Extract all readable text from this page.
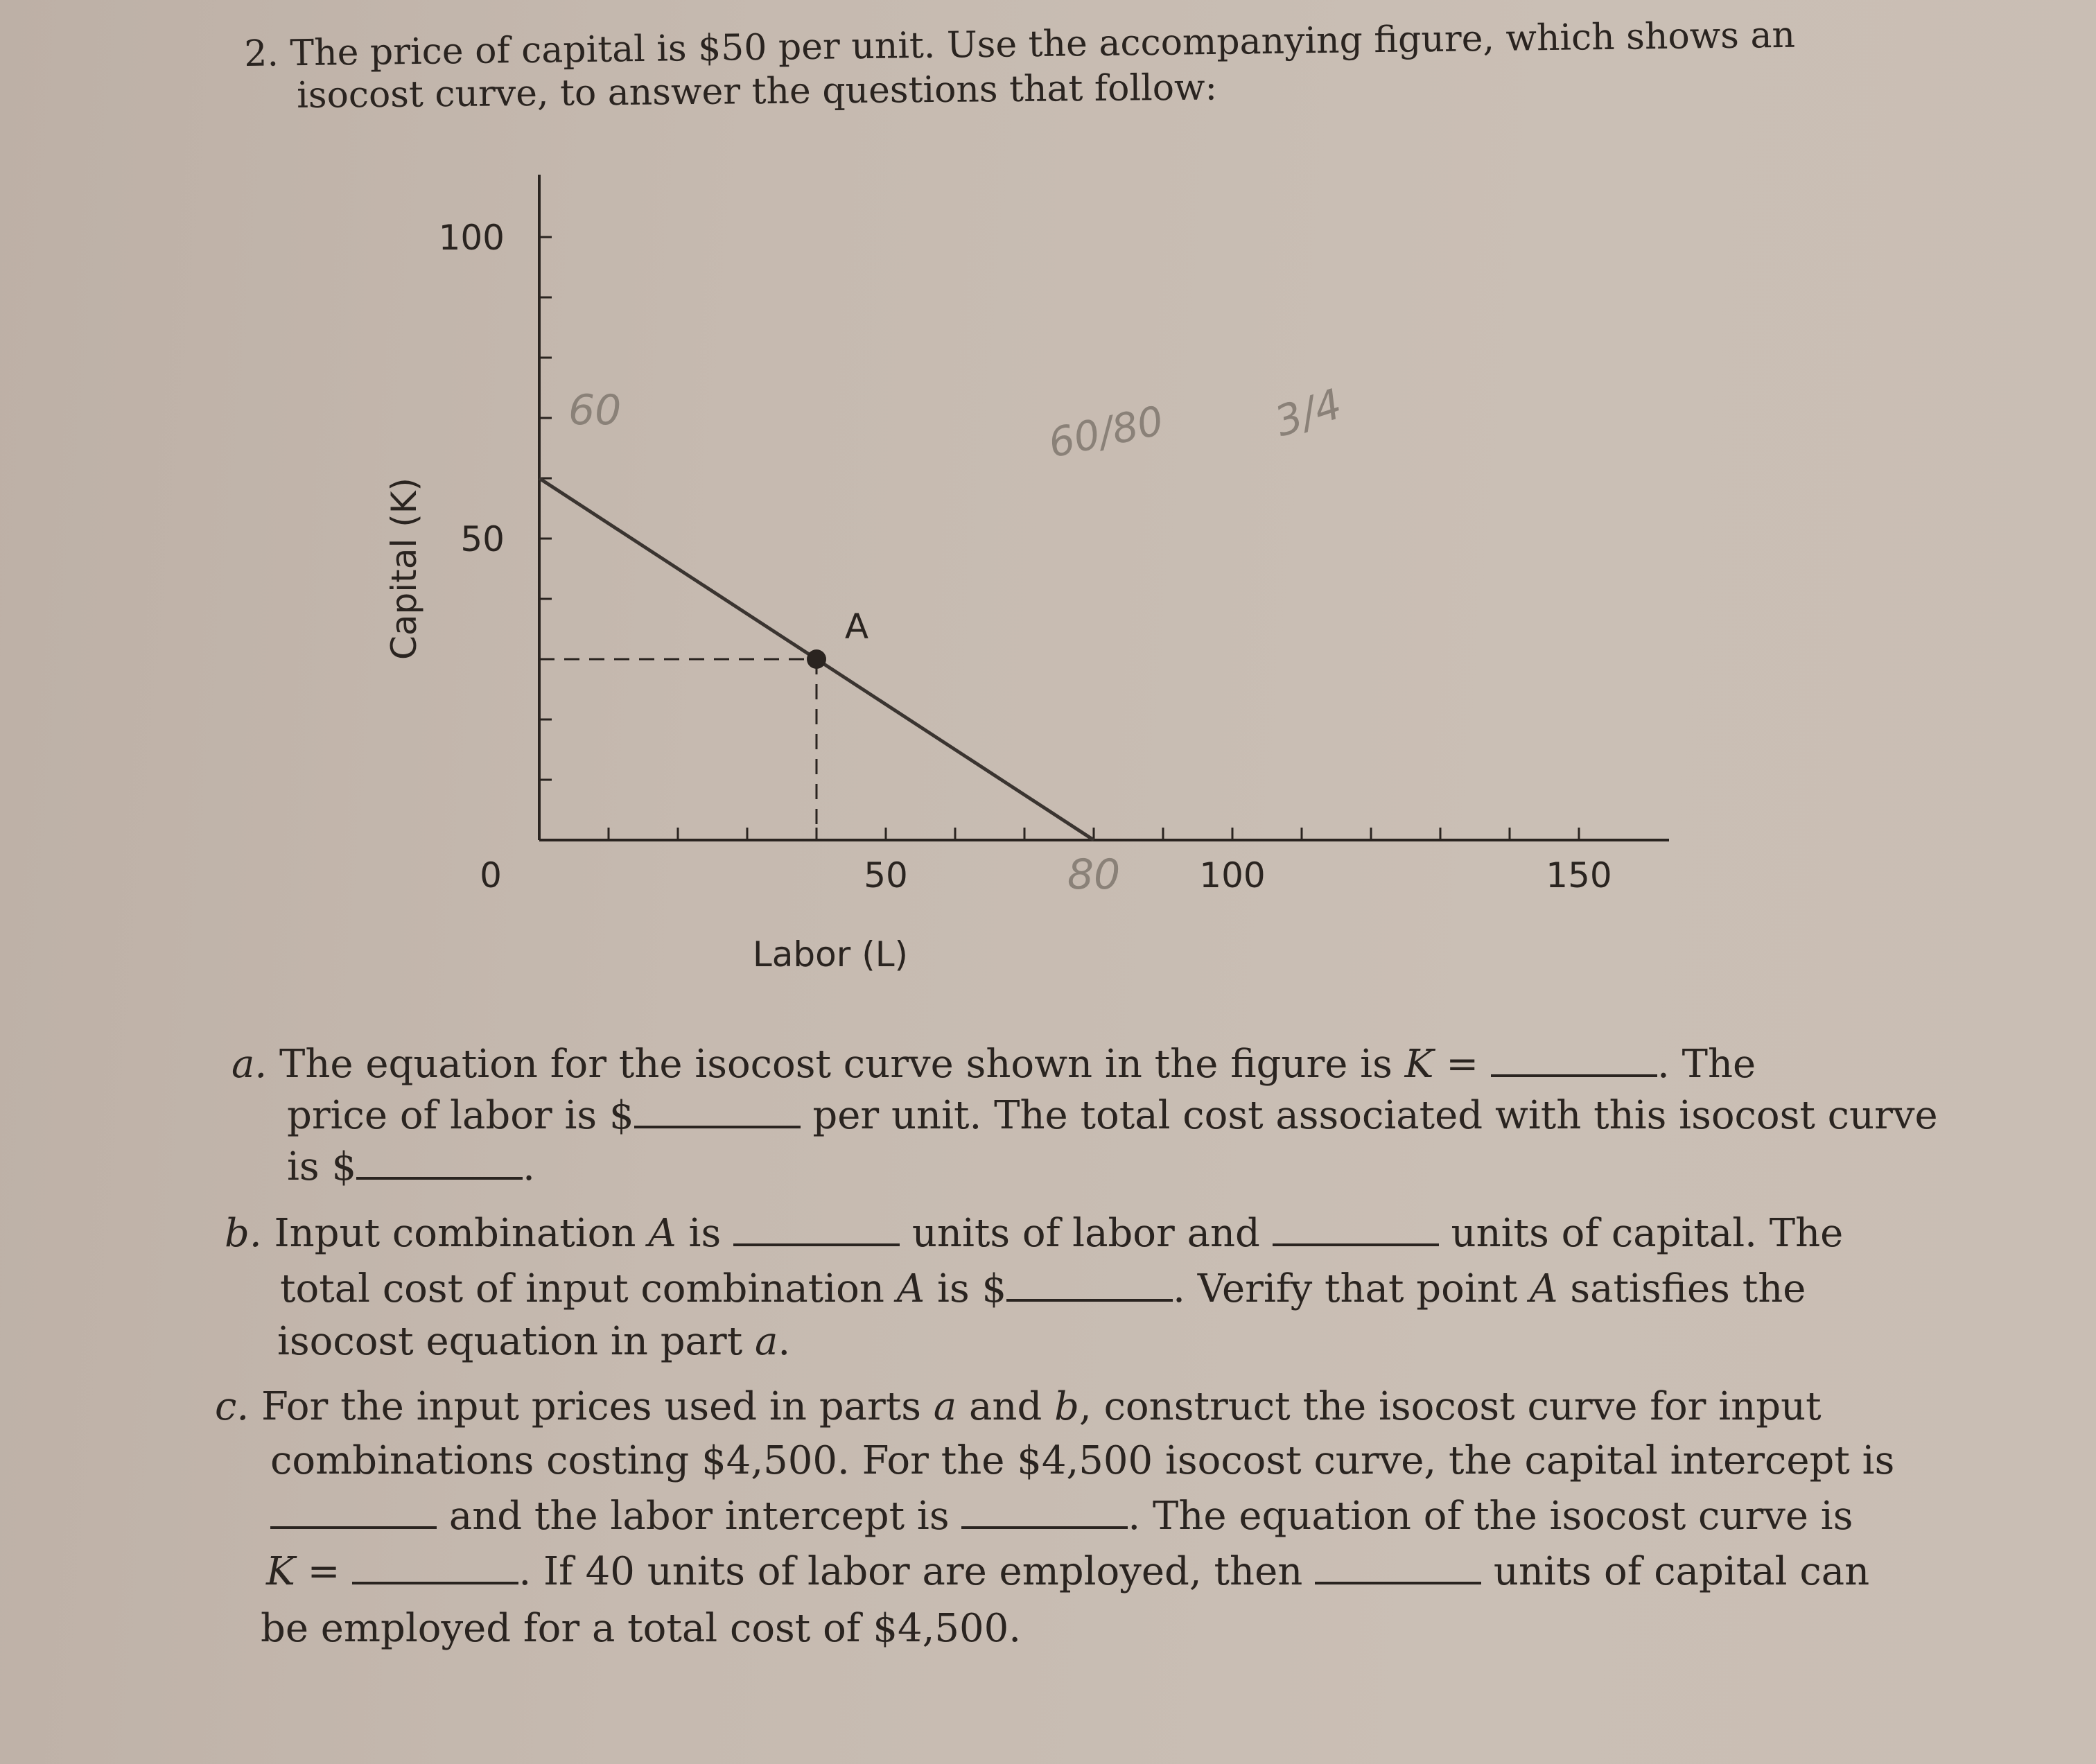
2. The price of capital is $50 per unit. Use the accompanying figure, which shows an
isocost curve, to answer the questions that follow:
0	50	100	150
100
50
Labor (L)
Capital (K)	A
60	60/80 3/4
80
a. The equation for the isocost curve shown in the figure is K =	. The
price of labor is $	per unit. The total cost associated with this isocost curve
is $	.
b. Input combination A is	units of labor and	units of capital. The
total cost of input combination A is $	. Verify that point A satisfies the
isocost equation in part a.
c. For the input prices used in parts a and b, construct the isocost curve for input
combinations costing $4,500. For the $4,500 isocost curve, the capital intercept is
and the labor intercept is	. The equation of the isocost curve is
K =	. If 40 units of labor are employed, then	units of capital can
be employed for a total cost of $4,500.
